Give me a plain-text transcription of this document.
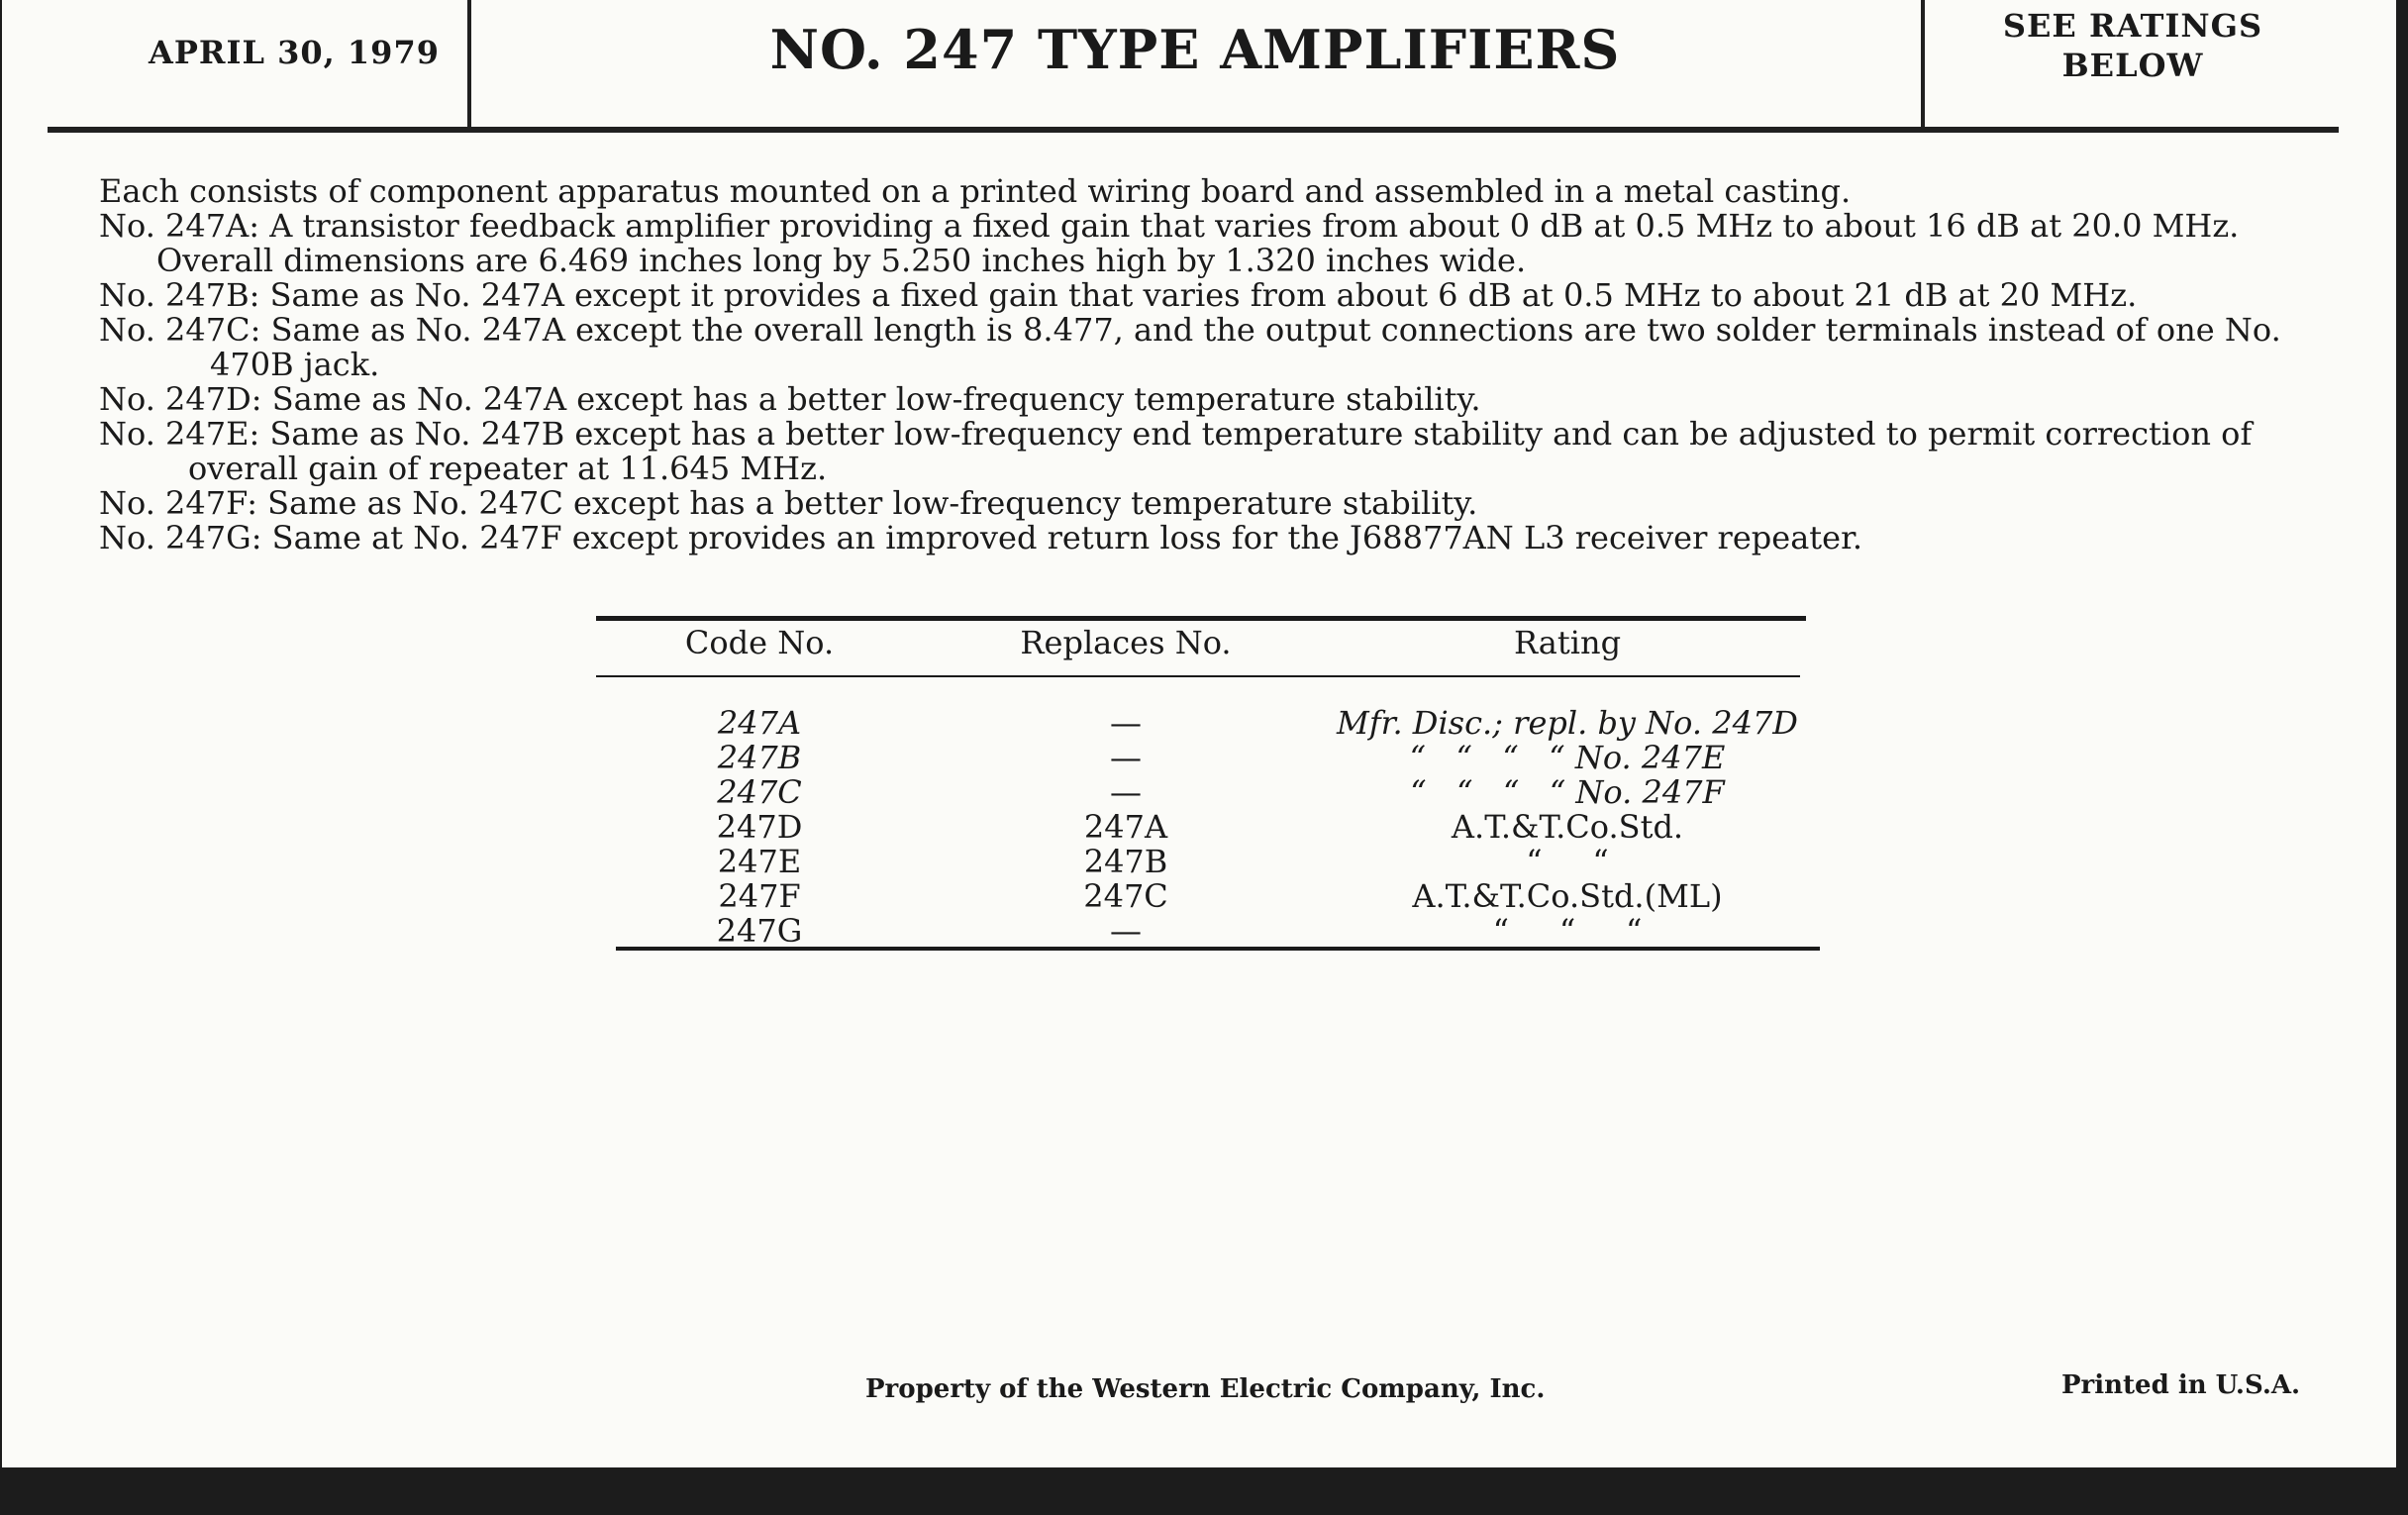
APRIL 30, 1979	NO. 247 TYPE AMPLIFIERS	SEE RATINGS BELOW

Each consists of component apparatus mounted on a printed wiring board and assembled in a metal casting.

No. 247A: A transistor feedback amplifier providing a fixed gain that varies from about 0 dB at 0.5 MHz to about 16 dB at 20.0 MHz.

Overall dimensions are 6.469 inches long by 5.250 inches high by 1.320 inches wide.

No. 247B: Same as No. 247A except it provides a fixed gain that varies from about 6 dB at 0.5 MHz to about 21 dB at 20 MHz.

No. 247C: Same as No. 247A except the overall length is 8.477, and the output connections are two solder terminals instead of one No. 470B jack.

No. 247D: Same as No. 247A except has a better low-frequency temperature stability.

No. 247E: Same as No. 247B except has a better low-frequency end temperature stability and can be adjusted to permit correction of overall gain of repeater at 11.645 MHz.

No. 247F: Same as No. 247C except has a better low-frequency temperature stability.

No. 247G: Same at No. 247F except provides an improved return loss for the J68877AN L3 receiver repeater.

Code No.	Replaces No.	Rating

247A	—	Mfr. Disc.; repl. by No. 247D
247B	—	“   “   “   “ No. 247E
247C	—	“   “   “   “ No. 247F
247D	247A	A.T.&T.Co.Std.
247E	247B	“     “
247F	247C	A.T.&T.Co.Std.(ML)
247G	—	“     “     “
Property of the Western Electric Company, Inc.	Printed in U.S.A.
